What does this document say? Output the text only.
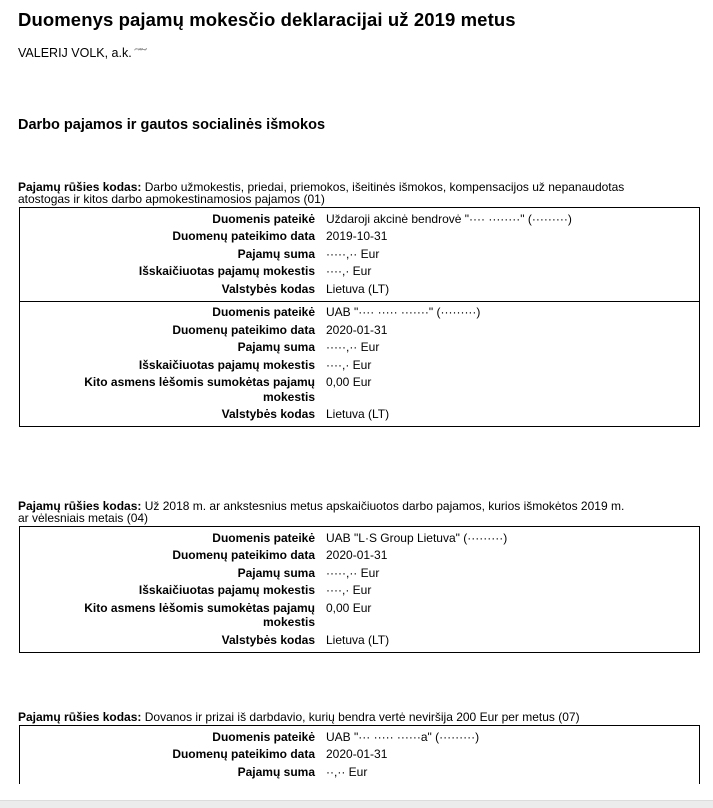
Duomenys pajamų mokesčio deklaracijai už 2019 metus
VALERIJ VOLK, a.k. ͠͠͠͠ ͠͠͠͠͠͠
Darbo pajamos ir gautos socialinės išmokos
Pajamų rūšies kodas: Darbo užmokestis, priedai, priemokos, išeitinės išmokos, kompensacijos už nepanaudotas atostogas ir kitos darbo apmokestinamosios pajamos (01)
Duomenis pateikė Uždaroji akcinė bendrovė "···· ········" (·········)
Duomenų pateikimo data 2019-10-31
Pajamų suma ·····,·· Eur
Išskaičiuotas pajamų mokestis ····,· Eur
Valstybės kodas Lietuva (LT)
Duomenis pateikė UAB "···· ····· ·······" (·········)
Duomenų pateikimo data 2020-01-31
Pajamų suma ·····,·· Eur
Išskaičiuotas pajamų mokestis ····,· Eur
Kito asmens lėšomis sumokėtas pajamų mokestis
0,00 Eur
Valstybės kodas Lietuva (LT)
Pajamų rūšies kodas: Už 2018 m. ar ankstesnius metus apskaičiuotos darbo pajamos, kurios išmokėtos 2019 m. ar vėlesniais metais (04)
Duomenis pateikė UAB "L·S Group Lietuva" (·········)
Duomenų pateikimo data 2020-01-31
Pajamų suma ·····,·· Eur
Išskaičiuotas pajamų mokestis ····,· Eur
Kito asmens lėšomis sumokėtas pajamų mokestis
0,00 Eur
Valstybės kodas Lietuva (LT)
Pajamų rūšies kodas: Dovanos ir prizai iš darbdavio, kurių bendra vertė neviršija 200 Eur per metus (07)
Duomenis pateikė UAB "··· ····· ······a" (·········)
Duomenų pateikimo data 2020-01-31
Pajamų suma ··,·· Eur
